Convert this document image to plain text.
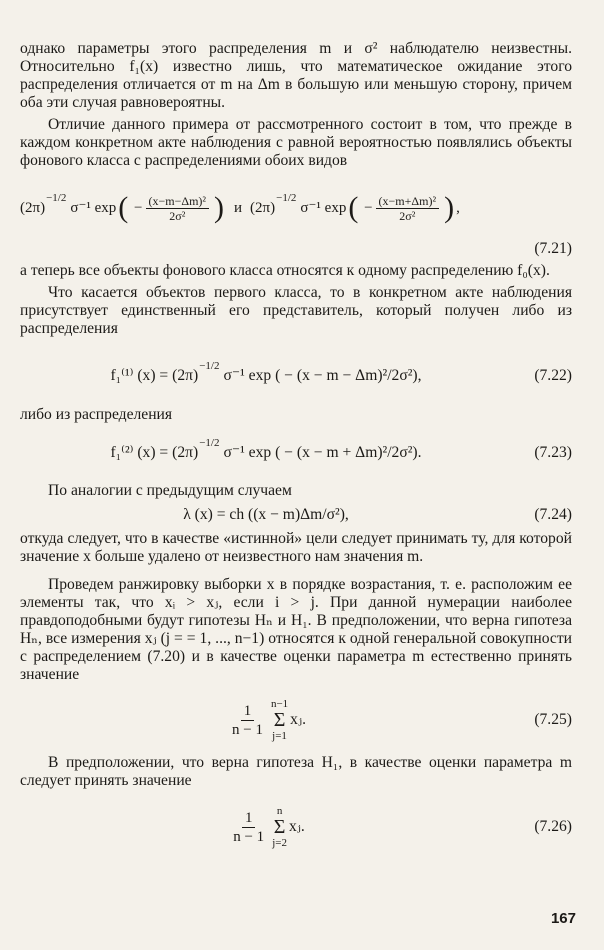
однако параметры этого распределения m и σ² наблюдателю неизвестны. Относительно f₁(x) известно лишь, что математическое ожидание этого распределения отличается от m на Δm в большую или меньшую сторону, причем оба эти случая равновероятны.

Отличие данного примера от рассмотренного состоит в том, что прежде в каждом конкретном акте наблюдения с равной вероятностью появлялись объекты фонового класса с распределениями обоих видов

(2π)
−1/2
σ⁻¹ exp ( − $\frac{\text{(x−m−Δm)²}}{\text{2σ²}}$ ) и (2π)
−1/2
σ⁻¹ exp ( − $\frac{\text{(x−m+Δm)²}}{\text{2σ²}}$ ) ,
(7.21)

а теперь все объекты фонового класса относятся к одному распределению f₀(x).

Что касается объектов первого класса, то в конкретном акте наблюдения присутствует единственный его представитель, который получен либо из распределения

f₁⁽¹⁾ (x) = (2π)
−1/2
σ⁻¹ exp ( − (x − m − Δm)²/2σ²),	(7.22)

либо из распределения

f₁⁽²⁾ (x) = (2π)
−1/2
σ⁻¹ exp ( − (x − m + Δm)²/2σ²).	(7.23)

По аналогии с предыдущим случаем

λ (x) = ch ((x − m)Δm/σ²),	(7.24)

откуда следует, что в качестве «истинной» цели следует принимать ту, для которой значение x больше удалено от неизвестного нам значения m.

Проведем ранжировку выборки x в порядке возрастания, т. е. расположим ее элементы так, что xᵢ > xⱼ, если i > j. При данной нумерации наиболее правдоподобными будут гипотезы Hₙ и H₁. В предположении, что верна гипотеза Hₙ, все измерения xⱼ (j = = 1, ..., n−1) относятся к одной генеральной совокупности с распределением (7.20) и в качестве оценки параметра m естественно принять значение

$\frac{1}{n - 1} n-1$
Σ
j=1
xⱼ.	(7.25)

В предположении, что верна гипотеза H₁, в качестве оценки параметра m следует принять значение

$\frac{1}{n - 1}$ n
Σ
j=2
xⱼ.	(7.26)
167
